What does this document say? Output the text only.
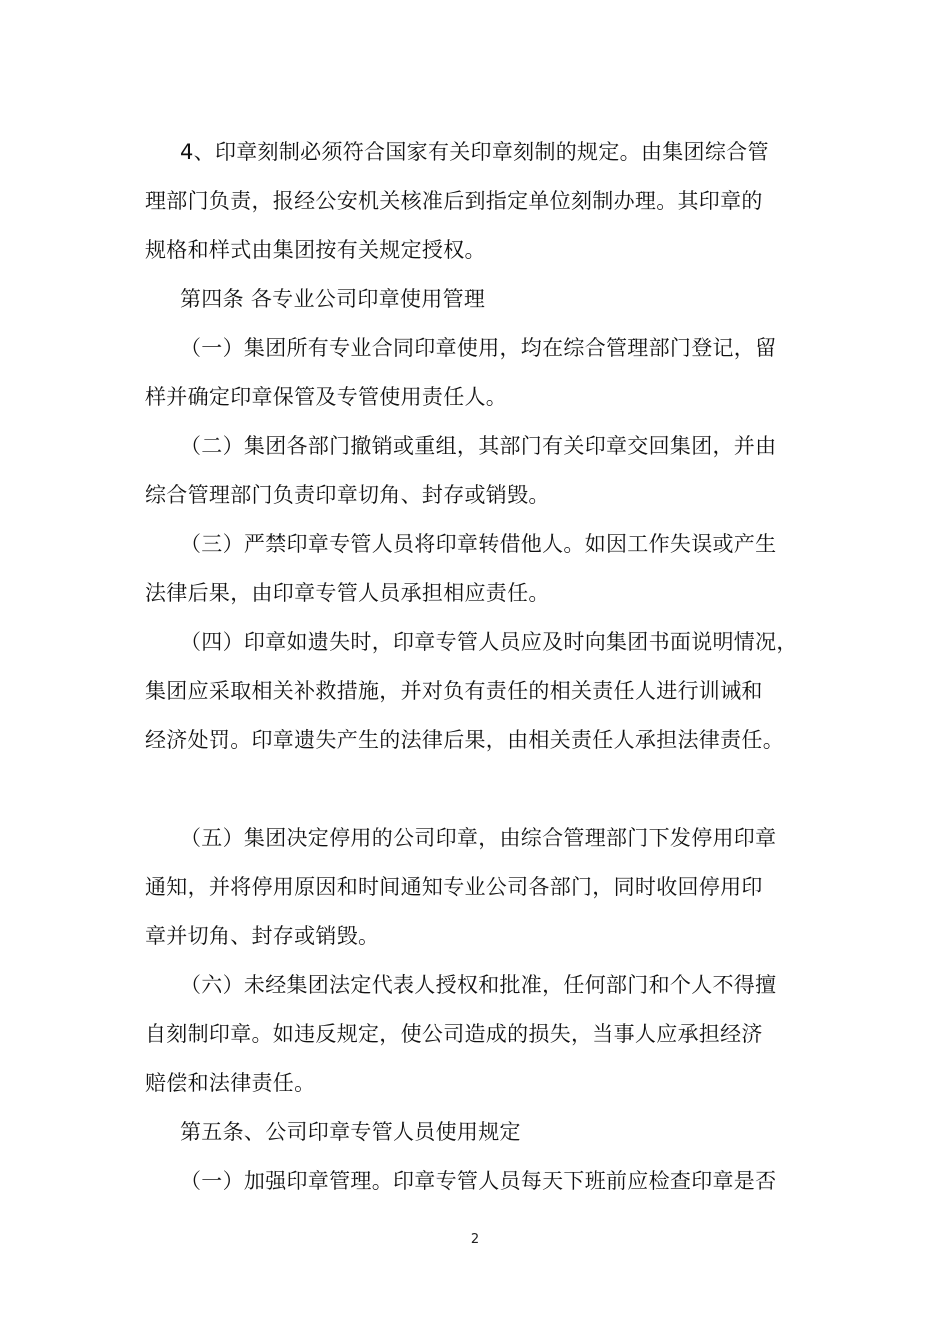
4、印章刻制必须符合国家有关印章刻制的规定。由集团综合管
理部门负责，报经公安机关核准后到指定单位刻制办理。其印章的
规格和样式由集团按有关规定授权。
第四条 各专业公司印章使用管理
（一）集团所有专业合同印章使用，均在综合管理部门登记，留
样并确定印章保管及专管使用责任人。
（二）集团各部门撤销或重组，其部门有关印章交回集团，并由
综合管理部门负责印章切角、封存或销毁。
（三）严禁印章专管人员将印章转借他人。如因工作失误或产生
法律后果，由印章专管人员承担相应责任。
（四）印章如遗失时，印章专管人员应及时向集团书面说明情况，
集团应采取相关补救措施，并对负有责任的相关责任人进行训诫和
经济处罚。印章遗失产生的法律后果，由相关责任人承担法律责任。
（五）集团决定停用的公司印章，由综合管理部门下发停用印章
通知，并将停用原因和时间通知专业公司各部门，同时收回停用印
章并切角、封存或销毁。
（六）未经集团法定代表人授权和批准，任何部门和个人不得擅
自刻制印章。如违反规定，使公司造成的损失，当事人应承担经济
赔偿和法律责任。
第五条、公司印章专管人员使用规定
（一）加强印章管理。印章专管人员每天下班前应检查印章是否
2
